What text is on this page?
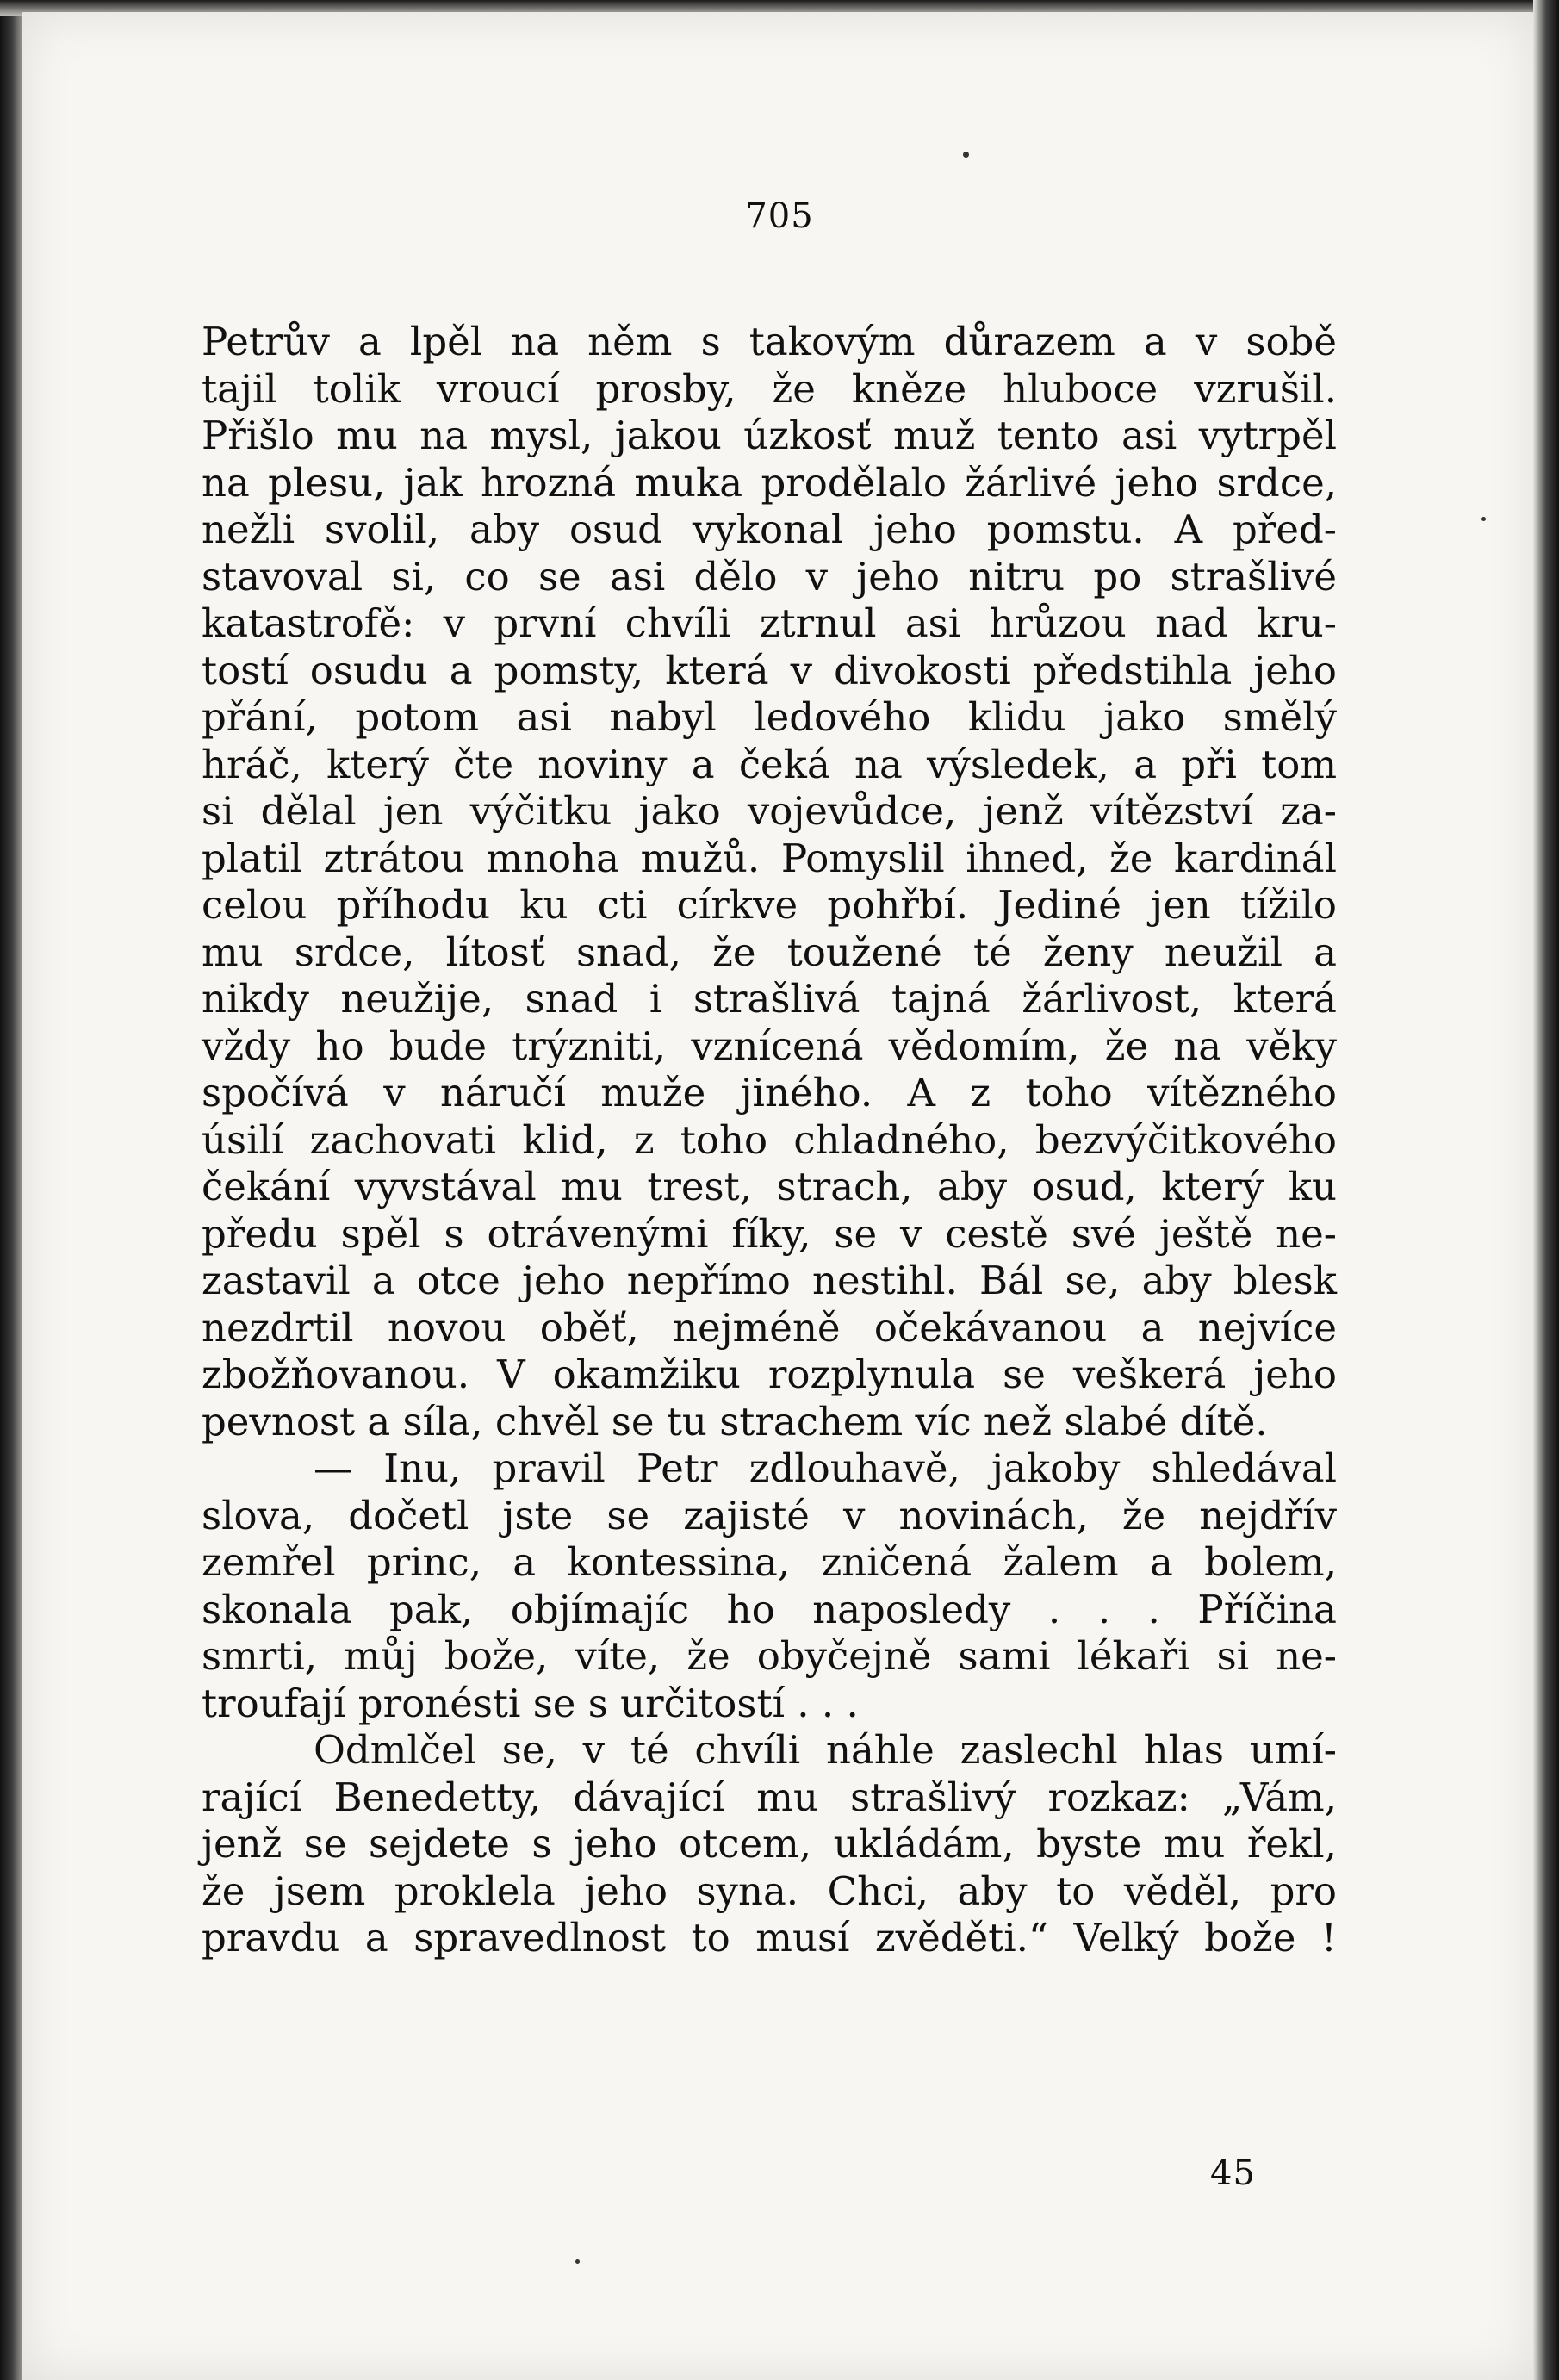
705
Petrův a lpěl na něm s takovým důrazem a v sobě
tajil tolik vroucí prosby, že kněze hluboce vzrušil.
Přišlo mu na mysl, jakou úzkosť muž tento asi vytrpěl
na plesu, jak hrozná muka prodělalo žárlivé jeho srdce,
nežli svolil, aby osud vykonal jeho pomstu. A před-
stavoval si, co se asi dělo v jeho nitru po strašlivé
katastrofě: v první chvíli ztrnul asi hrůzou nad kru-
tostí osudu a pomsty, která v divokosti předstihla jeho
přání, potom asi nabyl ledového klidu jako smělý
hráč, který čte noviny a čeká na výsledek, a při tom
si dělal jen výčitku jako vojevůdce, jenž vítězství za-
platil ztrátou mnoha mužů. Pomyslil ihned, že kardinál
celou příhodu ku cti církve pohřbí. Jediné jen tížilo
mu srdce, lítosť snad, že toužené té ženy neužil a
nikdy neužije, snad i strašlivá tajná žárlivost, která
vždy ho bude trýzniti, vznícená vědomím, že na věky
spočívá v náručí muže jiného. A z toho vítězného
úsilí zachovati klid, z toho chladného, bezvýčitkového
čekání vyvstával mu trest, strach, aby osud, který ku
předu spěl s otrávenými fíky, se v cestě své ještě ne-
zastavil a otce jeho nepřímo nestihl. Bál se, aby blesk
nezdrtil novou oběť, nejméně očekávanou a nejvíce
zbožňovanou. V okamžiku rozplynula se veškerá jeho
pevnost a síla, chvěl se tu strachem víc než slabé dítě.
— Inu, pravil Petr zdlouhavě, jakoby shledával
slova, dočetl jste se zajisté v novinách, že nejdřív
zemřel princ, a kontessina, zničená žalem a bolem,
skonala pak, objímajíc ho naposledy . . . Příčina
smrti, můj bože, víte, že obyčejně sami lékaři si ne-
troufají pronésti se s určitostí . . .
Odmlčel se, v té chvíli náhle zaslechl hlas umí-
rající Benedetty, dávající mu strašlivý rozkaz: „Vám,
jenž se sejdete s jeho otcem, ukládám, byste mu řekl,
že jsem proklela jeho syna. Chci, aby to věděl, pro
pravdu a spravedlnost to musí zvěděti.“ Velký bože !
45
